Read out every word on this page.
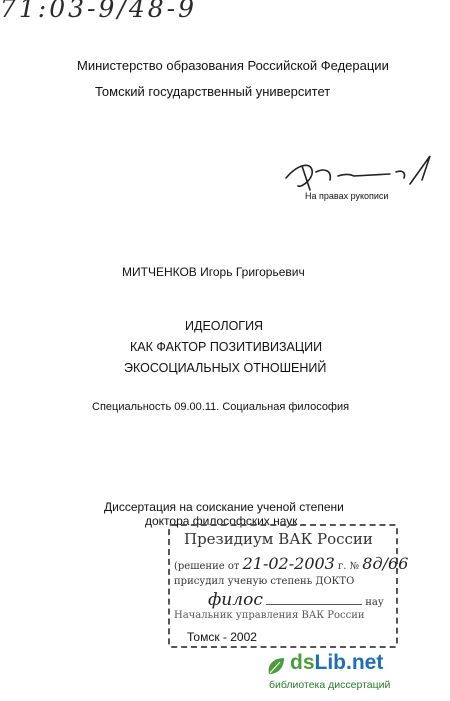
71:03-9/48-9
Министерство образования Российской Федерации
Томский государственный университет
На правах рукописи
МИТЧЕНКОВ Игорь Григорьевич
ИДЕОЛОГИЯ
КАК ФАКТОР ПОЗИТИВИЗАЦИИ
ЭКОСОЦИАЛЬНЫХ ОТНОШЕНИЙ
Специальность 09.00.11. Социальная философия
Диссертация на соискание ученой степени
доктора философских наук
Президиум ВАК России
(решение от 21-02-2003 г. № 8д/66
присудил ученую степень ДОКТО
филос	нау
Начальник управления ВАК России
Томск - 2002
dsLib.net
библиотека диссертаций
